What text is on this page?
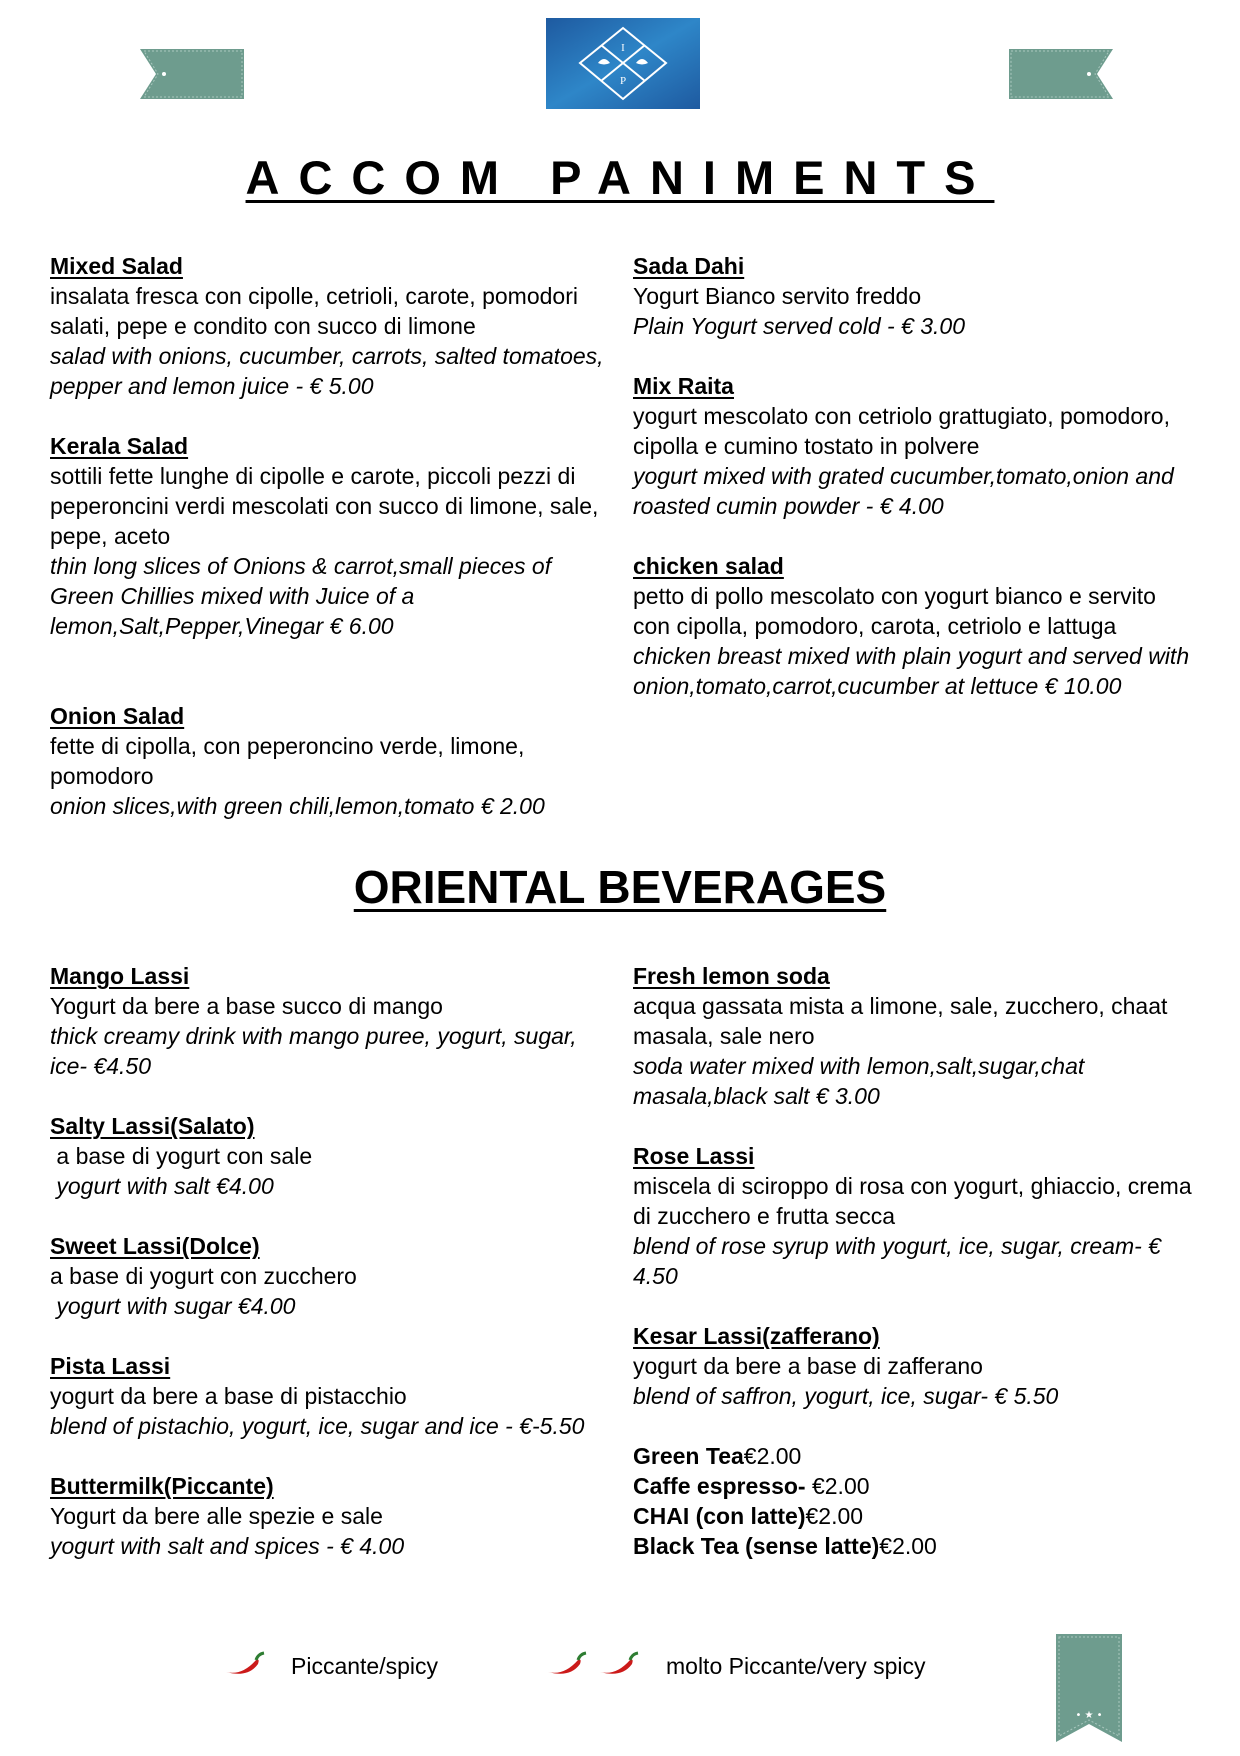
I
P
ACCOM PANIMENTS
Mixed Salad
insalata fresca con cipolle, cetrioli, carote, pomodori salati, pepe e condito con succo di limone
salad with onions, cucumber, carrots, salted tomatoes, pepper and lemon juice - € 5.00
Kerala Salad
sottili fette lunghe di cipolle e carote, piccoli pezzi di peperoncini verdi mescolati con succo di limone, sale, pepe, aceto
thin long slices of Onions & carrot,small pieces of Green Chillies mixed with Juice of a lemon,Salt,Pepper,Vinegar € 6.00
Onion Salad
fette di cipolla, con peperoncino verde, limone, pomodoro
onion slices,with green chili,lemon,tomato € 2.00
Sada Dahi
Yogurt Bianco servito freddo
Plain Yogurt served cold - € 3.00
Mix Raita
yogurt mescolato con cetriolo grattugiato, pomodoro, cipolla e cumino tostato in polvere
yogurt mixed with grated cucumber,tomato,onion and roasted cumin powder - € 4.00
chicken salad
petto di pollo mescolato con yogurt bianco e servito con cipolla, pomodoro, carota, cetriolo e lattuga
chicken breast mixed with plain yogurt and served with onion,tomato,carrot,cucumber at lettuce € 10.00
ORIENTAL BEVERAGES
Mango Lassi
Yogurt da bere a base succo di mango
thick creamy drink with mango puree, yogurt, sugar, ice- €4.50
Salty Lassi(Salato)
a base di yogurt con sale
yogurt with salt €4.00
Sweet Lassi(Dolce)
a base di yogurt con zucchero
yogurt with sugar €4.00
Pista Lassi
yogurt da bere a base di pistacchio
blend of pistachio, yogurt, ice, sugar and ice - €-5.50
Buttermilk(Piccante)
Yogurt da bere alle spezie e sale
yogurt with salt and spices - € 4.00
Fresh lemon soda
acqua gassata mista a limone, sale, zucchero, chaat masala, sale nero
soda water mixed with lemon,salt,sugar,chat masala,black salt € 3.00
Rose Lassi
miscela di sciroppo di rosa con yogurt, ghiaccio, crema di zucchero e frutta secca
blend of rose syrup with yogurt, ice, sugar, cream- € 4.50
Kesar Lassi(zafferano)
yogurt da bere a base di zafferano
blend of saffron, yogurt, ice, sugar- € 5.50
Green Tea€2.00
Caffe espresso- €2.00
CHAI (con latte)€2.00
Black Tea (sense latte)€2.00
Piccante/spicy	molto Piccante/very spicy
• ★ •
